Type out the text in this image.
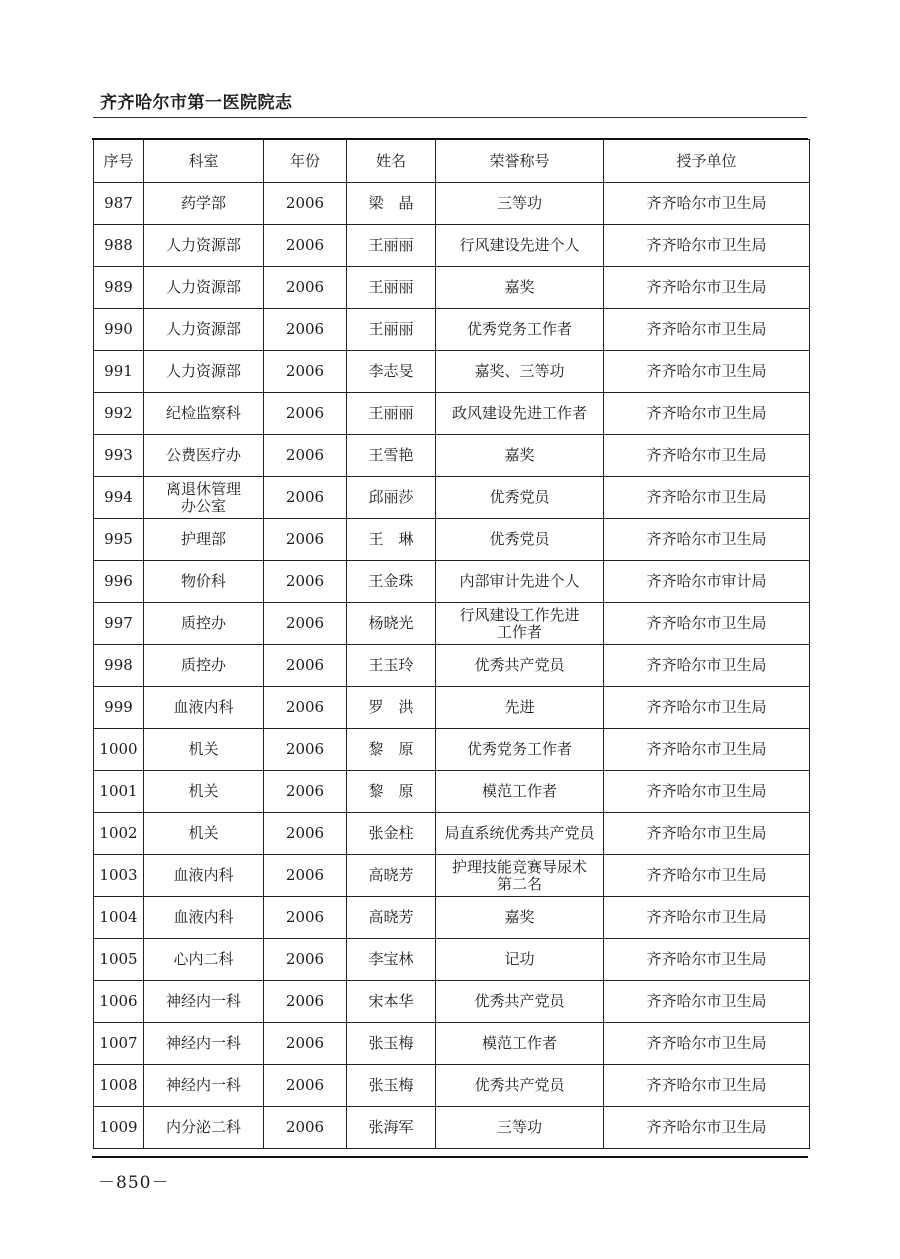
齐齐哈尔市第一医院院志
序号	科室	年份	姓名	荣誉称号	授予单位
987	药学部	2006	梁　晶	三等功	齐齐哈尔市卫生局
988	人力资源部	2006	王丽丽	行风建设先进个人	齐齐哈尔市卫生局
989	人力资源部	2006	王丽丽	嘉奖	齐齐哈尔市卫生局
990	人力资源部	2006	王丽丽	优秀党务工作者	齐齐哈尔市卫生局
991	人力资源部	2006	李志旻	嘉奖、三等功	齐齐哈尔市卫生局
992	纪检监察科	2006	王丽丽	政风建设先进工作者	齐齐哈尔市卫生局
993	公费医疗办	2006	王雪艳	嘉奖	齐齐哈尔市卫生局
994	离退休管理
办公室	2006	邱丽莎	优秀党员	齐齐哈尔市卫生局
995	护理部	2006	王　琳	优秀党员	齐齐哈尔市卫生局
996	物价科	2006	王金珠	内部审计先进个人	齐齐哈尔市审计局
997	质控办	2006	杨晓光	行风建设工作先进
工作者	齐齐哈尔市卫生局
998	质控办	2006	王玉玲	优秀共产党员	齐齐哈尔市卫生局
999	血液内科	2006	罗　洪	先进	齐齐哈尔市卫生局
1000	机关	2006	黎　原	优秀党务工作者	齐齐哈尔市卫生局
1001	机关	2006	黎　原	模范工作者	齐齐哈尔市卫生局
1002	机关	2006	张金柱	局直系统优秀共产党员	齐齐哈尔市卫生局
1003	血液内科	2006	高晓芳	护理技能竞赛导尿术
第二名	齐齐哈尔市卫生局
1004	血液内科	2006	高晓芳	嘉奖	齐齐哈尔市卫生局
1005	心内二科	2006	李宝林	记功	齐齐哈尔市卫生局
1006	神经内一科	2006	宋本华	优秀共产党员	齐齐哈尔市卫生局
1007	神经内一科	2006	张玉梅	模范工作者	齐齐哈尔市卫生局
1008	神经内一科	2006	张玉梅	优秀共产党员	齐齐哈尔市卫生局
1009	内分泌二科	2006	张海军	三等功	齐齐哈尔市卫生局
－850－
